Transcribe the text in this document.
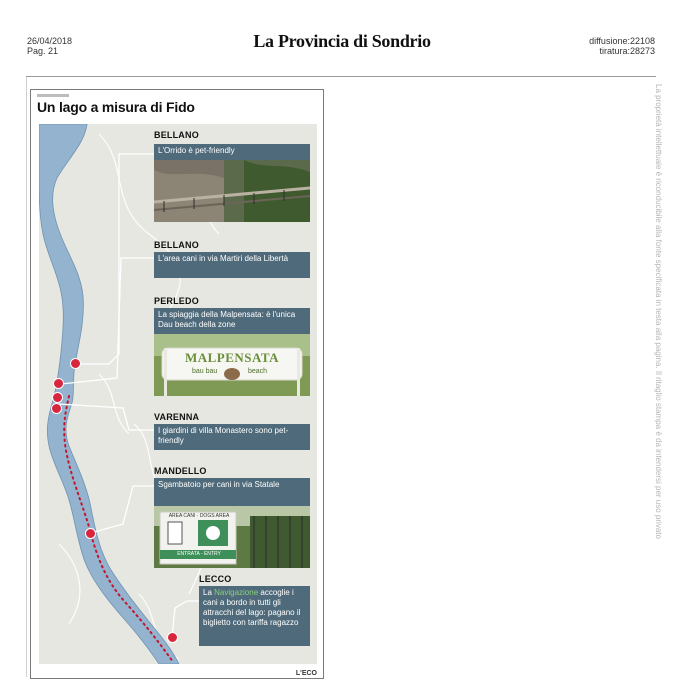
26/04/2018
Pag. 21	La Provincia di Sondrio	diffusione:22108
tiratura:28273
La proprietà intellettuale è riconducibile alla fonte specificata in testa alla pagina. Il ritaglio stampa è da intendersi per uso privato
Un lago a misura di Fido
BELLANO
L'Orrido è pet-friendly
BELLANO
L'area cani in via Martiri della Libertà
PERLEDO
La spiaggia della Malpensata: è l'unica Dau beach della zone
MALPENSATA
bau bau	beach
VARENNA
I giardini di villa Monastero sono pet-friendly
MANDELLO
Sgambatoio per cani in via Statale
AREA CANI · DOGS AREA
ENTRATA - ENTRY
LECCO
La Navigazione accoglie i cani a bordo in tutti gli attracchi del lago: pagano il biglietto con tariffa ragazzo
L'ECO
